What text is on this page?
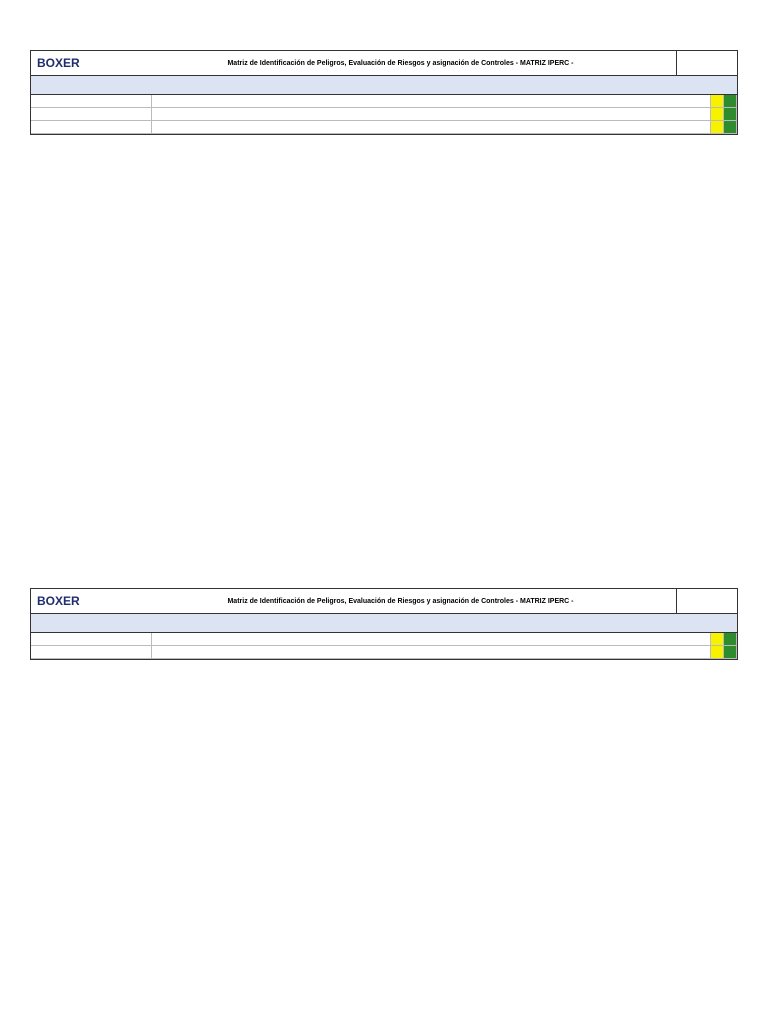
BOXER	Matriz de Identificación de Peligros, Evaluación de Riesgos y asignación de Controles - MATRIZ IPERC -
BOXER	Matriz de Identificación de Peligros, Evaluación de Riesgos y asignación de Controles - MATRIZ IPERC -
